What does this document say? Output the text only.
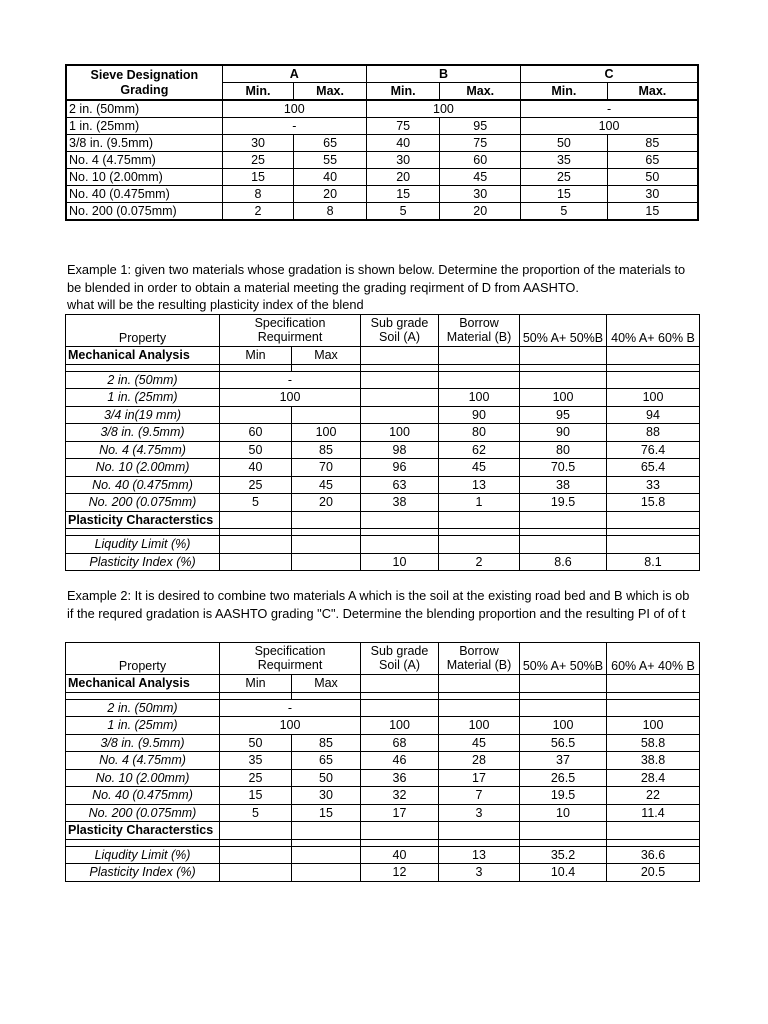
Sieve Designation
Grading	A		B		C	
	Min.	Max.	Min.	Max.	Min.	Max.
2 in. (50mm)	100		100		-	
1 in. (25mm)	-		75	95	100	
3/8 in. (9.5mm)	30	65	40	75	50	85
No. 4 (4.75mm)	25	55	30	60	35	65
No. 10 (2.00mm)	15	40	20	45	25	50
No. 40 (0.475mm)	8	20	15	30	15	30
No. 200 (0.075mm)	2	8	5	20	5	15
Example 1: given two materials whose gradation is shown below. Determine the proportion of the materials to
be blended in order to obtain a material meeting the grading reqirment of D from AASHTO.
what will be the resulting plasticity index of the blend
Property	Specification Requirment		Sub grade Soil (A)	Borrow Material (B)	50% A+ 50%B	40% A+ 60% B
Mechanical Analysis	Min	Max				

2 in. (50mm)	-					
1 in. (25mm)	100			100	100	100
3/4 in(19 mm)				90	95	94
3/8 in. (9.5mm)	60	100	100	80	90	88
No. 4 (4.75mm)	50	85	98	62	80	76.4
No. 10 (2.00mm)	40	70	96	45	70.5	65.4
No. 40 (0.475mm)	25	45	63	13	38	33
No. 200 (0.075mm)	5	20	38	1	19.5	15.8
Plasticity Characterstics						

Liqudity Limit (%)						
Plasticity Index (%)			10	2	8.6	8.1
Example 2: It is desired to combine two materials A which is the soil at the existing road bed and B which is ob
if the requred gradation is AASHTO grading "C". Determine the blending proportion and the resulting PI of of t
Property	Specification Requirment		Sub grade Soil (A)	Borrow Material (B)	50% A+ 50%B	60% A+ 40% B
Mechanical Analysis	Min	Max				

2 in. (50mm)	-					
1 in. (25mm)	100		100	100	100	100
3/8 in. (9.5mm)	50	85	68	45	56.5	58.8
No. 4 (4.75mm)	35	65	46	28	37	38.8
No. 10 (2.00mm)	25	50	36	17	26.5	28.4
No. 40 (0.475mm)	15	30	32	7	19.5	22
No. 200 (0.075mm)	5	15	17	3	10	11.4
Plasticity Characterstics						

Liqudity Limit (%)			40	13	35.2	36.6
Plasticity Index (%)			12	3	10.4	20.5
